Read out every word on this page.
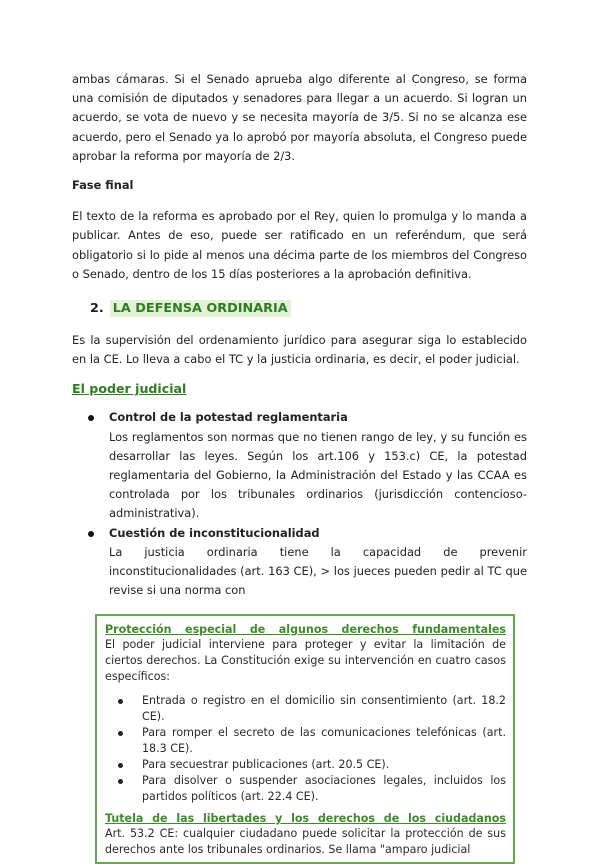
ambas cámaras. Si el Senado aprueba algo diferente al Congreso, se forma una comisión de diputados y senadores para llegar a un acuerdo. Si logran un acuerdo, se vota de nuevo y se necesita mayoría de 3/5. Si no se alcanza ese acuerdo, pero el Senado ya lo aprobó por mayoría absoluta, el Congreso puede aprobar la reforma por mayoría de 2/3.

Fase final

El texto de la reforma es aprobado por el Rey, quien lo promulga y lo manda a publicar. Antes de eso, puede ser ratificado en un referéndum, que será obligatorio si lo pide al menos una décima parte de los miembros del Congreso o Senado, dentro de los 15 días posteriores a la aprobación definitiva.

2. LA DEFENSA ORDINARIA

Es la supervisión del ordenamiento jurídico para asegurar siga lo establecido en la CE. Lo lleva a cabo el TC y la justicia ordinaria, es decir, el poder judicial.

El poder judicial
Control de la potestad reglamentaria

Los reglamentos son normas que no tienen rango de ley, y su función es desarrollar las leyes. Según los art.106 y 153.c) CE, la potestad reglamentaria del Gobierno, la Administración del Estado y las CCAA es controlada por los tribunales ordinarios (jurisdicción contencioso-administrativa).

Cuestión de inconstitucionalidad

La justicia ordinaria tiene la capacidad de prevenir inconstitucionalidades (art. 163 CE), > los jueces pueden pedir al TC que revise si una norma con

Protección especial de algunos derechos fundamentales

El poder judicial interviene para proteger y evitar la limitación de ciertos derechos. La Constitución exige su intervención en cuatro casos específicos:

Entrada o registro en el domicilio sin consentimiento (art. 18.2 CE).
Para romper el secreto de las comunicaciones telefónicas (art. 18.3 CE).
Para secuestrar publicaciones (art. 20.5 CE).
Para disolver o suspender asociaciones legales, incluidos los partidos políticos (art. 22.4 CE).
Tutela de las libertades y los derechos de los ciudadanos

Art. 53.2 CE: cualquier ciudadano puede solicitar la protección de sus derechos ante los tribunales ordinarios. Se llama "amparo judicial
